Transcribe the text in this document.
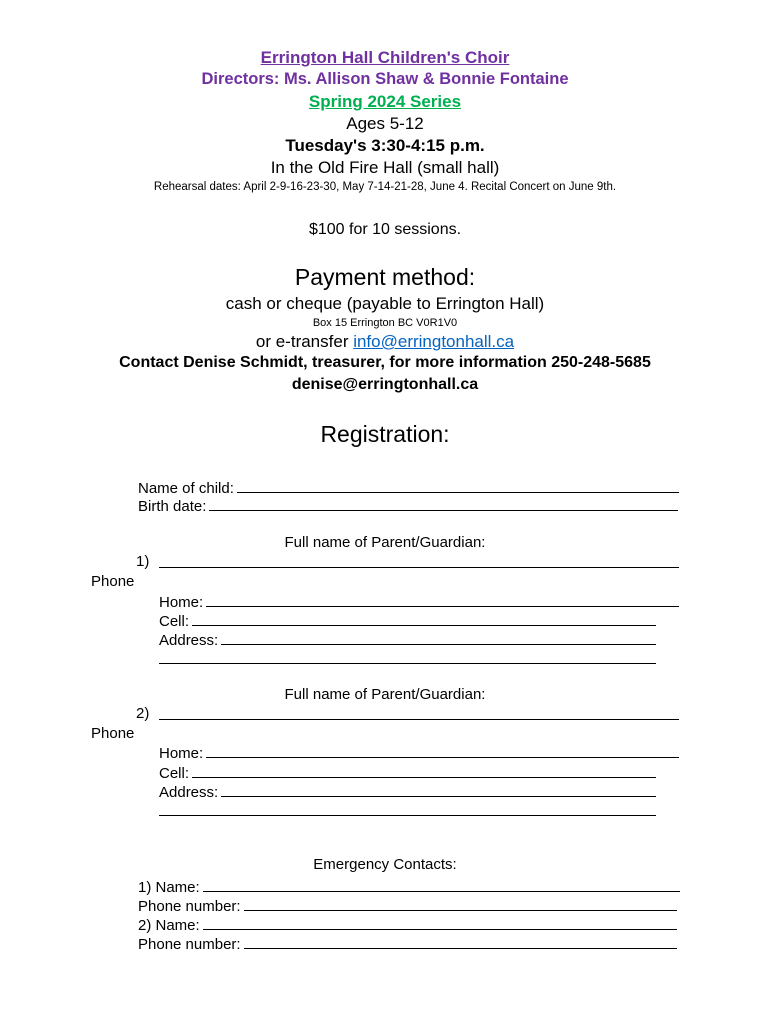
Errington Hall Children's Choir
Directors: Ms. Allison Shaw & Bonnie Fontaine
Spring 2024 Series
Ages 5-12
Tuesday's 3:30-4:15 p.m.
In the Old Fire Hall (small hall)
Rehearsal dates: April 2-9-16-23-30, May 7-14-21-28, June 4. Recital Concert on June 9th.
$100 for 10 sessions.
Payment method:
cash or cheque (payable to Errington Hall)
Box 15 Errington BC V0R1V0
or e-transfer info@erringtonhall.ca
Contact Denise Schmidt, treasurer, for more information 250-248-5685
denise@erringtonhall.ca
Registration:
Name of child:
Birth date:
Full name of Parent/Guardian:
1)
Phone
Home:
Cell:
Address:
Full name of Parent/Guardian:
2)
Phone
Home:
Cell:
Address:
Emergency Contacts:
1) Name:
Phone number:
2) Name:
Phone number:
